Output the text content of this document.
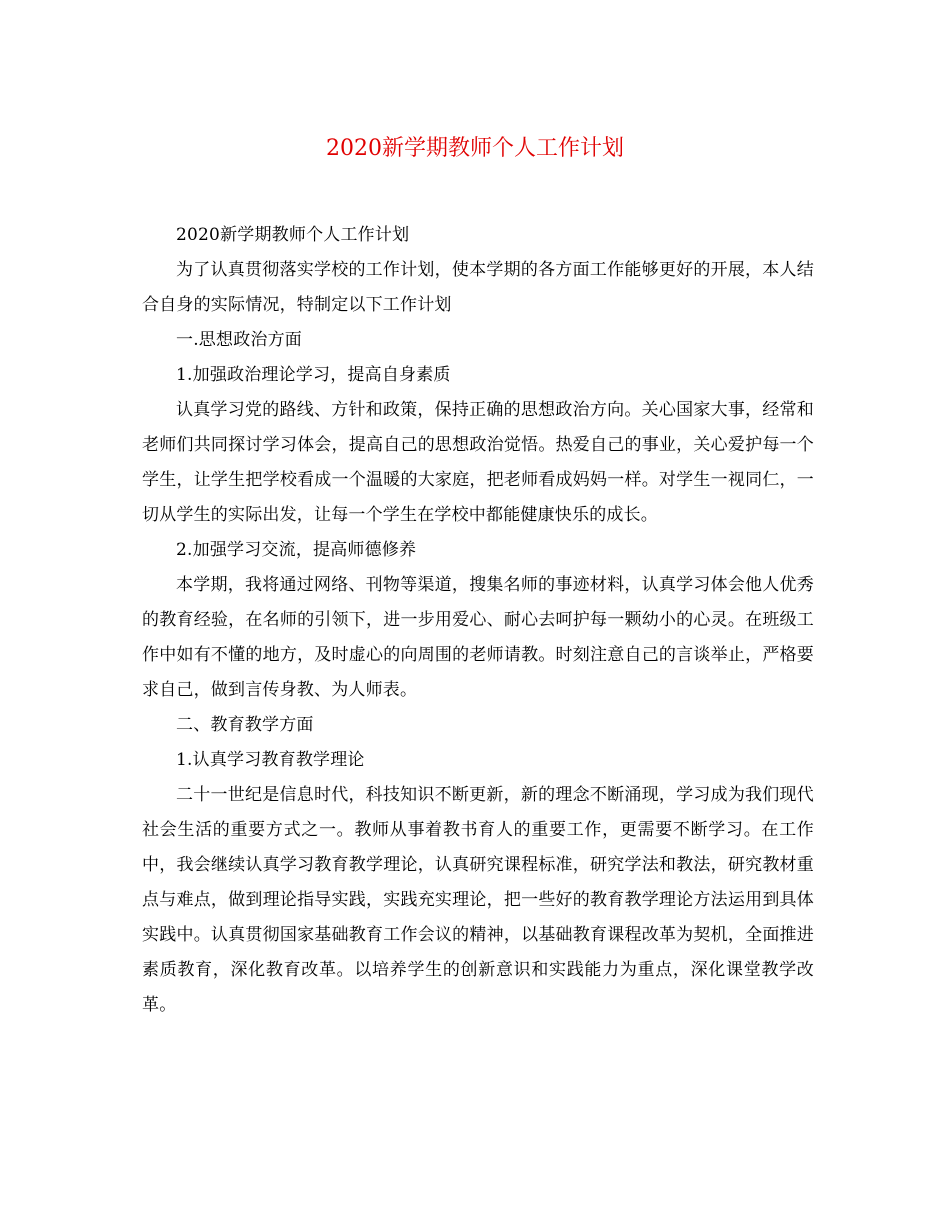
2020新学期教师个人工作计划

2020新学期教师个人工作计划

为了认真贯彻落实学校的工作计划，使本学期的各方面工作能够更好的开展，本人结合自身的实际情况，特制定以下工作计划

一.思想政治方面

1.加强政治理论学习，提高自身素质

认真学习党的路线、方针和政策，保持正确的思想政治方向。关心国家大事，经常和老师们共同探讨学习体会，提高自己的思想政治觉悟。热爱自己的事业，关心爱护每一个学生，让学生把学校看成一个温暖的大家庭，把老师看成妈妈一样。对学生一视同仁，一切从学生的实际出发，让每一个学生在学校中都能健康快乐的成长。

2.加强学习交流，提高师德修养

本学期，我将通过网络、刊物等渠道，搜集名师的事迹材料，认真学习体会他人优秀的教育经验，在名师的引领下，进一步用爱心、耐心去呵护每一颗幼小的心灵。在班级工作中如有不懂的地方，及时虚心的向周围的老师请教。时刻注意自己的言谈举止，严格要求自己，做到言传身教、为人师表。

二、教育教学方面

1.认真学习教育教学理论

二十一世纪是信息时代，科技知识不断更新，新的理念不断涌现，学习成为我们现代社会生活的重要方式之一。教师从事着教书育人的重要工作，更需要不断学习。在工作中，我会继续认真学习教育教学理论，认真研究课程标准，研究学法和教法，研究教材重点与难点，做到理论指导实践，实践充实理论，把一些好的教育教学理论方法运用到具体实践中。认真贯彻国家基础教育工作会议的精神，以基础教育课程改革为契机，全面推进素质教育，深化教育改革。以培养学生的创新意识和实践能力为重点，深化课堂教学改革。
